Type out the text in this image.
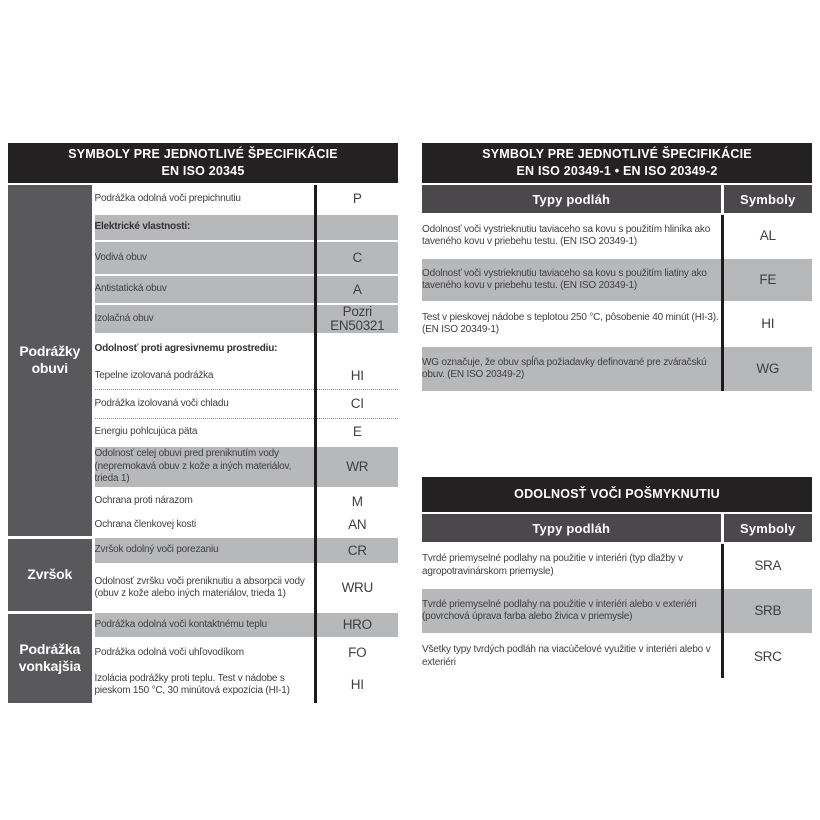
SYMBOLY PRE JEDNOTLIVÉ ŠPECIFIKÁCIE
EN ISO 20345
Podrážky obuvi	Podrážka odolná voči prepichnutiu	P
	Elektrické vlastnosti:	
	Vodivá obuv	C
	Antistatická obuv	A
	Izolačná obuv	Pozri EN50321
	Odolnosť proti agresivnemu prostrediu:	
	Tepelne izolovaná podrážka	HI
	Podrážka izolovaná voči chladu	CI
	Energiu pohlcujúca päta	E
	Odolnosť celej obuvi pred preniknutím vody (nepremokavá obuv z kože a iných materiálov, trieda 1)	WR
	Ochrana proti nárazom	M
	Ochrana členkovej kosti	AN
Zvršok	Zvršok odolný voči porezaniu	CR
	Odolnosť zvršku voči preniknutiu a absorpcii vody (obuv z kože alebo iných materiálov, trieda 1)	WRU
Podrážka vonkajšia	Podrážka odolná voči kontaktnému teplu	HRO
	Podrážka odolná voči uhľovodíkom	FO
	Izolácia podrážky proti teplu. Test v nádobe s pieskom 150 °C, 30 minútová expozícia (HI-1)	HI
SYMBOLY PRE JEDNOTLIVÉ ŠPECIFIKÁCIE
EN ISO 20349-1 • EN ISO 20349-2
Typy podláh	Symboly
Odolnosť voči vystrieknutiu taviaceho sa kovu s použitím hliníka ako taveného kovu v priebehu testu. (EN ISO 20349-1)	AL
Odolnosť voči vystrieknutiu taviaceho sa kovu s použitím liatiny ako taveného kovu v priebehu testu. (EN ISO 20349-1)	FE
Test v pieskovej nádobe s teplotou 250 °C, pôsobenie 40 minút (HI-3). (EN ISO 20349-1)	HI
WG označuje, že obuv spĺňa požiadavky definované pre zváračskú obuv. (EN ISO 20349-2)	WG
ODOLNOSŤ VOČI POŠMYKNUTIU
Typy podláh	Symboly
Tvrdé priemyselné podlahy na použitie v interiéri (typ dlažby v agropotravinárskom priemysle)	SRA
Tvrdé priemyselné podlahy na použitie v interiéri alebo v exteriéri (povrchová úprava farba alebo živica v priemysle)	SRB
Všetky typy tvrdých podláh na viacúčelové využitie v interiéri alebo v exteriéri	SRC
